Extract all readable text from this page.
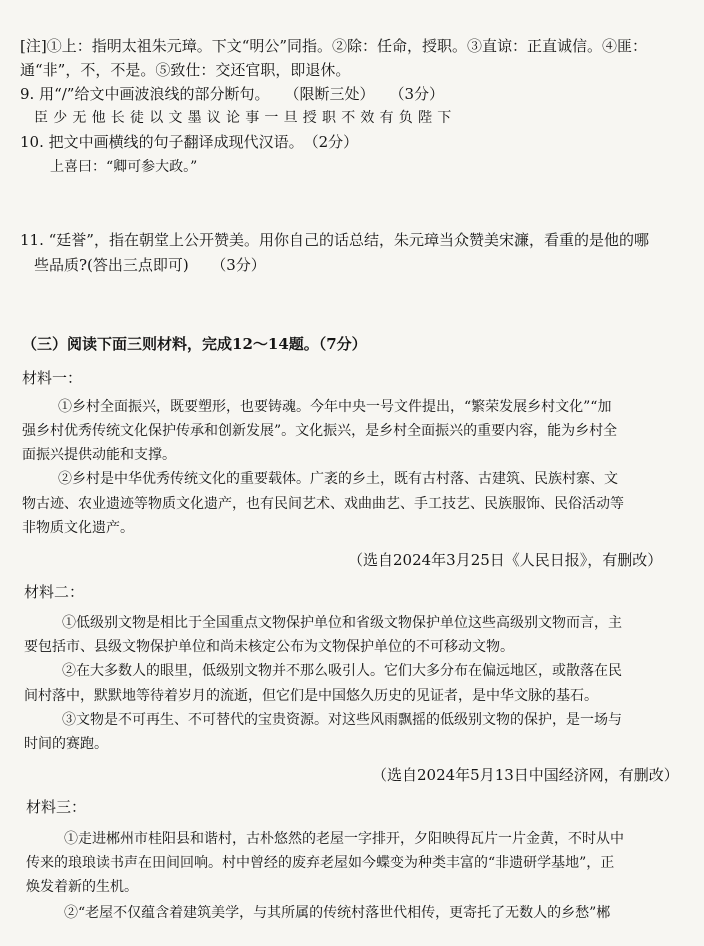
[注]①上：指明太祖朱元璋。下文“明公”同指。②除：任命，授职。③直谅：正直诚信。④匪：
通“非”，不，不是。⑤致仕：交还官职，即退休。
9. 用“/”给文中画波浪线的部分断句。　　（限断三处）　　（3分）
臣少无他长徒以文墨议论事一旦授职不效有负陛下
10. 把文中画横线的句子翻译成现代汉语。　（2分）
上喜曰：“卿可参大政。”
11. “廷誉”，指在朝堂上公开赞美。用你自己的话总结，朱元璋当众赞美宋濂，看重的是他的哪
些品质?(答出三点即可)　　（3分）
（三）阅读下面三则材料，完成12～14题。（7分）
材料一：
①乡村全面振兴，既要塑形，也要铸魂。今年中央一号文件提出，“繁荣发展乡村文化”“加
强乡村优秀传统文化保护传承和创新发展”。文化振兴，是乡村全面振兴的重要内容，能为乡村全
面振兴提供动能和支撑。
②乡村是中华优秀传统文化的重要载体。广袤的乡土，既有古村落、古建筑、民族村寨、文
物古迹、农业遗迹等物质文化遗产，也有民间艺术、戏曲曲艺、手工技艺、民族服饰、民俗活动等
非物质文化遗产。
（选自2024年3月25日《人民日报》，有删改）
材料二：
①低级别文物是相比于全国重点文物保护单位和省级文物保护单位这些高级别文物而言，主
要包括市、县级文物保护单位和尚未核定公布为文物保护单位的不可移动文物。
②在大多数人的眼里，低级别文物并不那么吸引人。它们大多分布在偏远地区，或散落在民
间村落中，默默地等待着岁月的流逝，但它们是中国悠久历史的见证者，是中华文脉的基石。
③文物是不可再生、不可替代的宝贵资源。对这些风雨飘摇的低级别文物的保护，是一场与
时间的赛跑。
（选自2024年5月13日中国经济网，有删改）
材料三：
①走进郴州市桂阳县和谐村，古朴悠然的老屋一字排开，夕阳映得瓦片一片金黄，不时从中
传来的琅琅读书声在田间回响。村中曾经的废弃老屋如今蝶变为种类丰富的“非遗研学基地”，正
焕发着新的生机。
②“老屋不仅蕴含着建筑美学，与其所属的传统村落世代相传，更寄托了无数人的乡愁”郴
